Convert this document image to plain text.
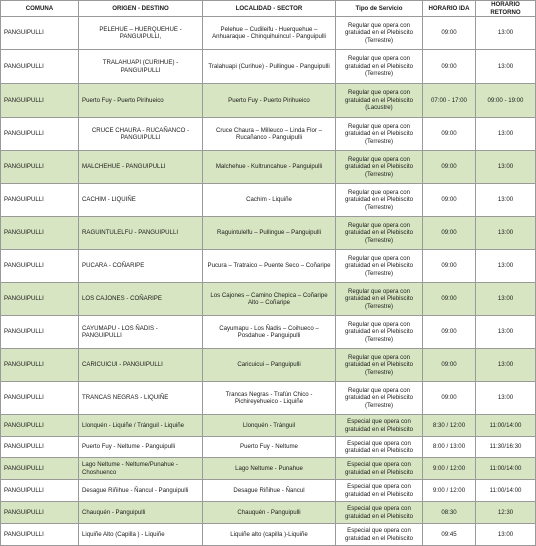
COMUNA	ORIGEN - DESTINO	LOCALIDAD - SECTOR	Tipo de Servicio	HORARIO IDA	HORARIO RETORNO
PANGUIPULLI	PELEHUE – HUERQUEHUE - PANGUIPULLI,	Pelehue – Cudileifu - Huerquehue –Anhuaraque - Chinquihuincul - Panguipulli	Regular que opera con gratuidad en el Plebiscito (Terrestre)	09:00	13:00
PANGUIPULLI	TRALAHUAPI (CURIHUE) - PANGUIPULLI	Tralahuapi (Curihue) - Pullingue - Panguipulli	Regular que opera con gratuidad en el Plebiscito (Terrestre)	09:00	13:00
PANGUIPULLI	Puerto Fuy - Puerto Pirihueico	Puerto Fuy - Puerto Pirihueico	Regular que opera con gratuidad en el Plebiscito (Lacustre)	07:00 - 17:00	09:00 - 19:00
PANGUIPULLI	CRUCE CHAURA - RUCAÑANCO - PANGUIPULLI	Cruce Chaura – Milleuco – Linda Flor – Rucañanco - Panguipulli	Regular que opera con gratuidad en el Plebiscito (Terrestre)	09:00	13:00
PANGUIPULLI	MALCHEHUE - PANGUIPULLI	Malchehue - Kultruncahue - Panguipulli	Regular que opera con gratuidad en el Plebiscito (Terrestre)	09:00	13:00
PANGUIPULLI	CACHIM - LIQUIÑE	Cachim - Liquiñe	Regular que opera con gratuidad en el Plebiscito (Terrestre)	09:00	13:00
PANGUIPULLI	RAGUINTULELFU - PANGUIPULLI	Raguintulelfu – Pullingue – Panguipulli	Regular que opera con gratuidad en el Plebiscito (Terrestre)	09:00	13:00
PANGUIPULLI	PUCARA - COÑARIPE	Pucura – Tratraico – Puente Seco – Coñaripe	Regular que opera con gratuidad en el Plebiscito (Terrestre)	09:00	13:00
PANGUIPULLI	LOS CAJONES - COÑARIPE	Los Cajones – Camino Chepica – Coñaripe Alto – Coñaripe	Regular que opera con gratuidad en el Plebiscito (Terrestre)	09:00	13:00
PANGUIPULLI	CAYUMAPU - LOS ÑADIS - PANGUIPULLI	Cayumapu - Los Ñadis – Coihueco – Posdahue - Panguipulli	Regular que opera con gratuidad en el Plebiscito (Terrestre)	09:00	13:00
PANGUIPULLI	CARICUICUI - PANGUIPULLI	Caricuicui – Panguipulli	Regular que opera con gratuidad en el Plebiscito (Terrestre)	09:00	13:00
PANGUIPULLI	TRANCAS NEGRAS - LIQUIÑE	Trancas Negras - Trafún Chico - Pichireyehueico - Liquiñe	Regular que opera con gratuidad en el Plebiscito (Terrestre)	09:00	13:00
PANGUIPULLI	Llonquén - Liquiñe / Tránguil - Liquiñe	Llonquén - Tránguil	Especial que opera con gratuidad en el Plebiscito	8:30 / 12:00	11:00/14:00
PANGUIPULLI	Puerto Fuy - Neltume - Panguipulli	Puerto Fuy - Neltume	Especial que opera con gratuidad en el Plebiscito	8:00 / 13:00	11:30/16:30
PANGUIPULLI	Lago Neltume - Neltume/Punahue - Choshuenco	Lago Neltume - Punahue	Especial que opera con gratuidad en el Plebiscito	9:00 / 12:00	11:00/14:00
PANGUIPULLI	Desague Riñihue - Ñancul - Panguipulli	Desague Riñihue - Ñancul	Especial que opera con gratuidad en el Plebiscito	9:00 / 12:00	11:00/14:00
PANGUIPULLI	Chauquén - Panguipulli	Chauquén - Panguipulli	Especial que opera con gratuidad en el Plebiscito	08:30	12:30
PANGUIPULLI	Liquiñe Alto (Capilla ) - Liquiñe	Liquiñe alto (capilla )-Liquiñe	Especial que opera con gratuidad en el Plebiscito	09:45	13:00
